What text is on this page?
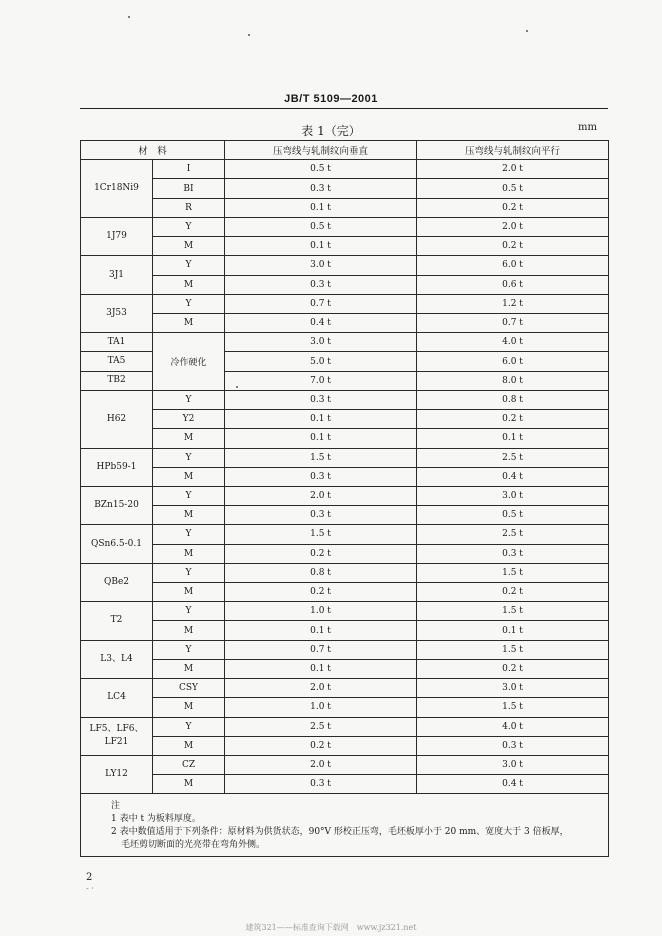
JB/T 5109—2001
表 1（完）	mm
材　料		压弯线与轧制纹向垂直	压弯线与轧制纹向平行
1Cr18Ni9	I	0.5 t	2.0 t
	BI	0.3 t	0.5 t
	R	0.1 t	0.2 t
1J79	Y	0.5 t	2.0 t
	M	0.1 t	0.2 t
3J1	Y	3.0 t	6.0 t
	M	0.3 t	0.6 t
3J53	Y	0.7 t	1.2 t
	M	0.4 t	0.7 t
TA1	冷作硬化	3.0 t	4.0 t
TA5		5.0 t	6.0 t
TB2		7.0 t	8.0 t
H62	Y	0.3 t	0.8 t
	Y2	0.1 t	0.2 t
	M	0.1 t	0.1 t
HPb59-1	Y	1.5 t	2.5 t
	M	0.3 t	0.4 t
BZn15-20	Y	2.0 t	3.0 t
	M	0.3 t	0.5 t
QSn6.5-0.1	Y	1.5 t	2.5 t
	M	0.2 t	0.3 t
QBe2	Y	0.8 t	1.5 t
	M	0.2 t	0.2 t
T2	Y	1.0 t	1.5 t
	M	0.1 t	0.1 t
L3、L4	Y	0.7 t	1.5 t
	M	0.1 t	0.2 t
LC4	CSY	2.0 t	3.0 t
	M	1.0 t	1.5 t
LF5、LF6、LF21	Y	2.5 t	4.0 t
	M	0.2 t	0.3 t
LY12	CZ	2.0 t	3.0 t
	M	0.3 t	0.4 t

注

1 表中 t 为板料厚度。

2 表中数值适用于下列条件：原材料为供货状态，90°V 形校正压弯，毛坯板厚小于 20 mm、宽度大于 3 倍板厚，

毛坯剪切断面的光亮带在弯角外侧。			

2
- ·
建筑321——标准查询下载网　www.jz321.net
